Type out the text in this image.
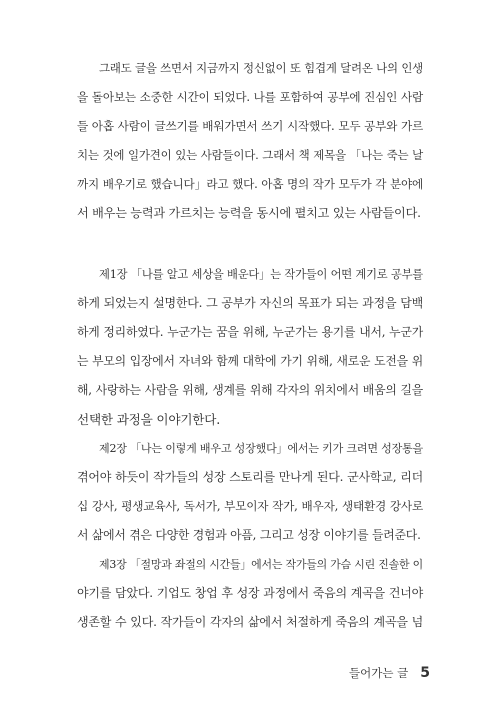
그래도 글을 쓰면서 지금까지 정신없이 또 힘겹게 달려온 나의 인생
을 돌아보는 소중한 시간이 되었다. 나를 포함하여 공부에 진심인 사람
들 아홉 사람이 글쓰기를 배워가면서 쓰기 시작했다. 모두 공부와 가르
치는 것에 일가견이 있는 사람들이다. 그래서 책 제목을 「나는 죽는 날
까지 배우기로 했습니다」라고 했다. 아홉 명의 작가 모두가 각 분야에
서 배우는 능력과 가르치는 능력을 동시에 펼치고 있는 사람들이다.
제1장 「나를 알고 세상을 배운다」는 작가들이 어떤 계기로 공부를
하게 되었는지 설명한다. 그 공부가 자신의 목표가 되는 과정을 담백
하게 정리하였다. 누군가는 꿈을 위해, 누군가는 용기를 내서, 누군가
는 부모의 입장에서 자녀와 함께 대학에 가기 위해, 새로운 도전을 위
해, 사랑하는 사람을 위해, 생계를 위해 각자의 위치에서 배움의 길을
선택한 과정을 이야기한다.
제2장 「나는 이렇게 배우고 성장했다」에서는 키가 크려면 성장통을
겪어야 하듯이 작가들의 성장 스토리를 만나게 된다. 군사학교, 리더
십 강사, 평생교육사, 독서가, 부모이자 작가, 배우자, 생태환경 강사로
서 삶에서 겪은 다양한 경험과 아픔, 그리고 성장 이야기를 들려준다.
제3장 「절망과 좌절의 시간들」에서는 작가들의 가슴 시린 진솔한 이
야기를 담았다. 기업도 창업 후 성장 과정에서 죽음의 계곡을 건너야
생존할 수 있다. 작가들이 각자의 삶에서 처절하게 죽음의 계곡을 넘
들어가는 글 5
